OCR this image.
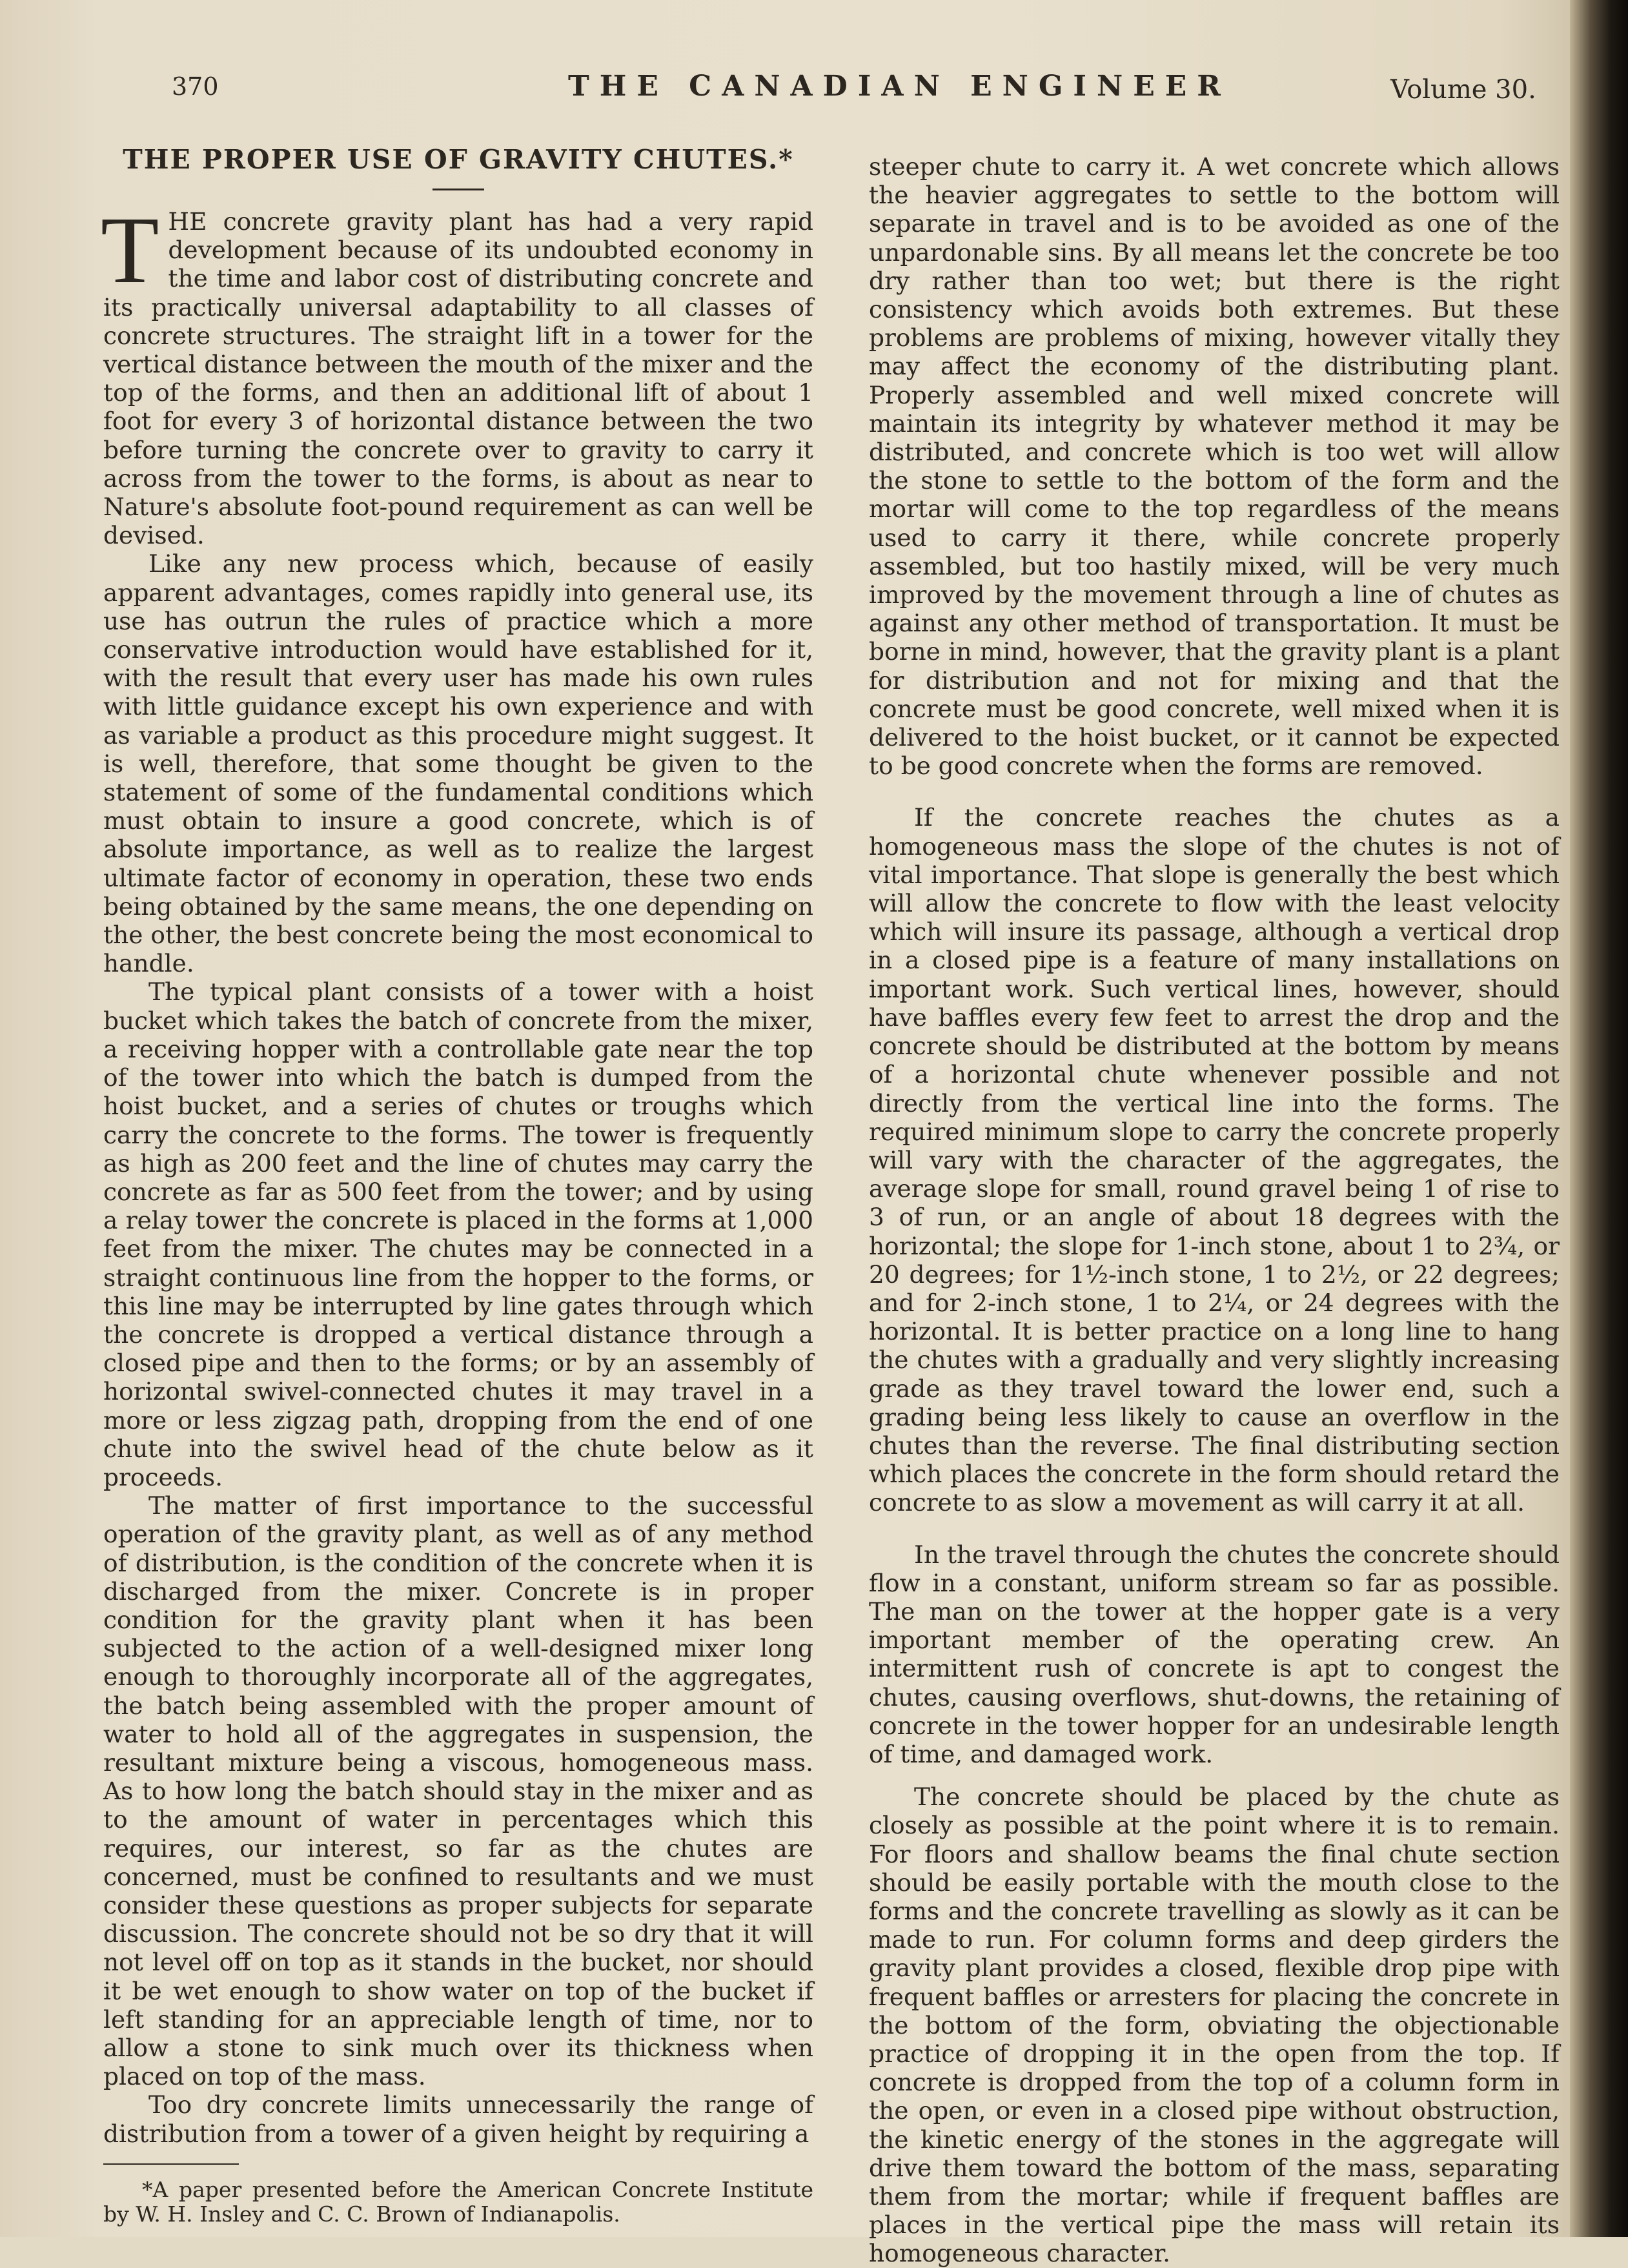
370	THE CANADIAN ENGINEER	Volume 30.
THE PROPER USE OF GRAVITY CHUTES.*
T HE concrete gravity plant has had a very rapid development because of its undoubted economy in the time and labor cost of distributing concrete and its practically universal adaptability to all classes of concrete structures. The straight lift in a tower for the vertical distance between the mouth of the mixer and the top of the forms, and then an additional lift of about 1 foot for every 3 of horizontal distance between the two before turning the concrete over to gravity to carry it across from the tower to the forms, is about as near to Nature's absolute foot-pound requirement as can well be devised.

Like any new process which, because of easily apparent advantages, comes rapidly into general use, its use has outrun the rules of practice which a more conservative introduction would have established for it, with the result that every user has made his own rules with little guidance except his own experience and with as variable a product as this procedure might suggest. It is well, therefore, that some thought be given to the statement of some of the fundamental conditions which must obtain to insure a good concrete, which is of absolute importance, as well as to realize the largest ultimate factor of economy in operation, these two ends being obtained by the same means, the one depending on the other, the best concrete being the most economical to handle.

The typical plant consists of a tower with a hoist bucket which takes the batch of concrete from the mixer, a receiving hopper with a controllable gate near the top of the tower into which the batch is dumped from the hoist bucket, and a series of chutes or troughs which carry the concrete to the forms. The tower is frequently as high as 200 feet and the line of chutes may carry the concrete as far as 500 feet from the tower; and by using a relay tower the concrete is placed in the forms at 1,000 feet from the mixer. The chutes may be connected in a straight continuous line from the hopper to the forms, or this line may be interrupted by line gates through which the concrete is dropped a vertical distance through a closed pipe and then to the forms; or by an assembly of horizontal swivel-connected chutes it may travel in a more or less zigzag path, dropping from the end of one chute into the swivel head of the chute below as it proceeds.

The matter of first importance to the successful operation of the gravity plant, as well as of any method of distribution, is the condition of the concrete when it is discharged from the mixer. Concrete is in proper condition for the gravity plant when it has been subjected to the action of a well-designed mixer long enough to thoroughly incorporate all of the aggregates, the batch being assembled with the proper amount of water to hold all of the aggregates in suspension, the resultant mixture being a viscous, homogeneous mass. As to how long the batch should stay in the mixer and as to the amount of water in percentages which this requires, our interest, so far as the chutes are concerned, must be confined to resultants and we must consider these questions as proper subjects for separate discussion. The concrete should not be so dry that it will not level off on top as it stands in the bucket, nor should it be wet enough to show water on top of the bucket if left standing for an appreciable length of time, nor to allow a stone to sink much over its thickness when placed on top of the mass.

Too dry concrete limits unnecessarily the range of distribution from a tower of a given height by requiring a

*A paper presented before the American Concrete Institute by W. H. Insley and C. C. Brown of Indianapolis.

steeper chute to carry it. A wet concrete which allows the heavier aggregates to settle to the bottom will separate in travel and is to be avoided as one of the unpardonable sins. By all means let the concrete be too dry rather than too wet; but there is the right consistency which avoids both extremes. But these problems are problems of mixing, however vitally they may affect the economy of the distributing plant. Properly assembled and well mixed concrete will maintain its integrity by whatever method it may be distributed, and concrete which is too wet will allow the stone to settle to the bottom of the form and the mortar will come to the top regardless of the means used to carry it there, while concrete properly assembled, but too hastily mixed, will be very much improved by the movement through a line of chutes as against any other method of transportation. It must be borne in mind, however, that the gravity plant is a plant for distribution and not for mixing and that the concrete must be good concrete, well mixed when it is delivered to the hoist bucket, or it cannot be expected to be good concrete when the forms are removed.

If the concrete reaches the chutes as a homogeneous mass the slope of the chutes is not of vital importance. That slope is generally the best which will allow the concrete to flow with the least velocity which will insure its passage, although a vertical drop in a closed pipe is a feature of many installations on important work. Such vertical lines, however, should have baffles every few feet to arrest the drop and the concrete should be distributed at the bottom by means of a horizontal chute whenever possible and not directly from the vertical line into the forms. The required minimum slope to carry the concrete properly will vary with the character of the aggregates, the average slope for small, round gravel being 1 of rise to 3 of run, or an angle of about 18 degrees with the horizontal; the slope for 1-inch stone, about 1 to 2¾, or 20 degrees; for 1½-inch stone, 1 to 2½, or 22 degrees; and for 2-inch stone, 1 to 2¼, or 24 degrees with the horizontal. It is better practice on a long line to hang the chutes with a gradually and very slightly increasing grade as they travel toward the lower end, such a grading being less likely to cause an overflow in the chutes than the reverse. The final distributing section which places the concrete in the form should retard the concrete to as slow a movement as will carry it at all.

In the travel through the chutes the concrete should flow in a constant, uniform stream so far as possible. The man on the tower at the hopper gate is a very important member of the operating crew. An intermittent rush of concrete is apt to congest the chutes, causing overflows, shut-downs, the retaining of concrete in the tower hopper for an undesirable length of time, and damaged work.

The concrete should be placed by the chute as closely as possible at the point where it is to remain. For floors and shallow beams the final chute section should be easily portable with the mouth close to the forms and the concrete travelling as slowly as it can be made to run. For column forms and deep girders the gravity plant provides a closed, flexible drop pipe with frequent baffles or arresters for placing the concrete in the bottom of the form, obviating the objectionable practice of dropping it in the open from the top. If concrete is dropped from the top of a column form in the open, or even in a closed pipe without obstruction, the kinetic energy of the stones in the aggregate will drive them toward the bottom of the mass, separating them from the mortar; while if frequent baffles are places in the vertical pipe the mass will retain its homogeneous character.
